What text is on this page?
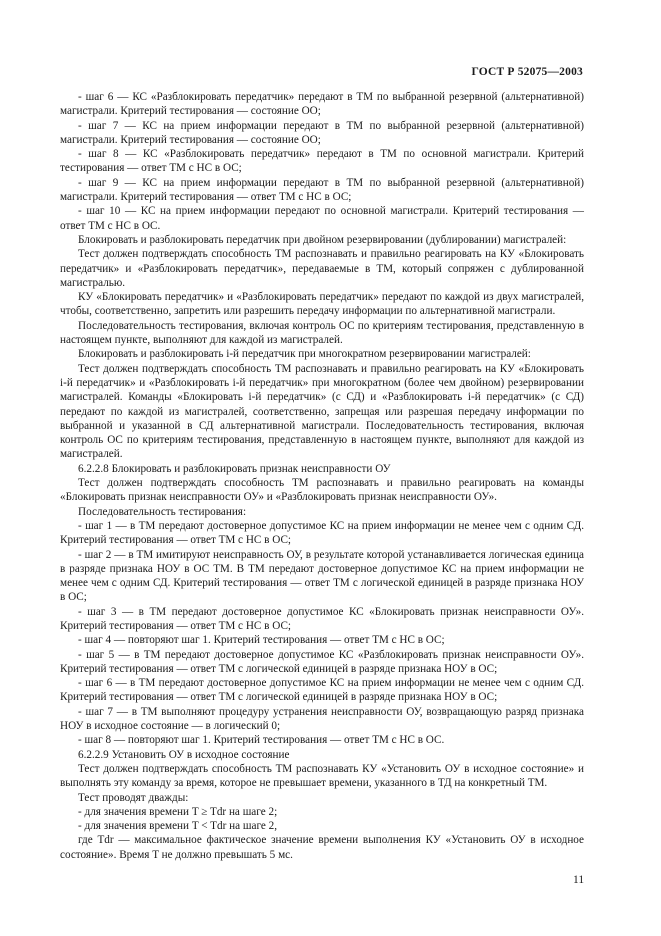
ГОСТ Р 52075—2003

- шаг 6 — КС «Разблокировать передатчик» передают в ТМ по выбранной резервной (альтернативной) магистрали. Критерий тестирования — состояние ОО;

- шаг 7 — КС на прием информации передают в ТМ по выбранной резервной (альтернативной) магистрали. Критерий тестирования — состояние ОО;

- шаг 8 — КС «Разблокировать передатчик» передают в ТМ по основной магистрали. Критерий тестирования — ответ ТМ с НС в ОС;

- шаг 9 — КС на прием информации передают в ТМ по выбранной резервной (альтернативной) магистрали. Критерий тестирования — ответ ТМ с НС в ОС;

- шаг 10 — КС на прием информации передают по основной магистрали. Критерий тестирования — ответ ТМ с НС в ОС.

Блокировать и разблокировать передатчик при двойном резервировании (дублировании) магистралей:

Тест должен подтверждать способность ТМ распознавать и правильно реагировать на КУ «Блокировать передатчик» и «Разблокировать передатчик», передаваемые в ТМ, который сопряжен с дублированной магистралью.

КУ «Блокировать передатчик» и «Разблокировать передатчик» передают по каждой из двух магистралей, чтобы, соответственно, запретить или разрешить передачу информации по альтернативной магистрали.

Последовательность тестирования, включая контроль ОС по критериям тестирования, представленную в настоящем пункте, выполняют для каждой из магистралей.

Блокировать и разблокировать i-й передатчик при многократном резервировании магистралей:

Тест должен подтверждать способность ТМ распознавать и правильно реагировать на КУ «Блокировать i-й передатчик» и «Разблокировать i-й передатчик» при многократном (более чем двойном) резервировании магистралей. Команды «Блокировать i-й передатчик» (с СД) и «Разблокировать i-й передатчик» (с СД) передают по каждой из магистралей, соответственно, запрещая или разрешая передачу информации по выбранной и указанной в СД альтернативной магистрали. Последовательность тестирования, включая контроль ОС по критериям тестирования, представленную в настоящем пункте, выполняют для каждой из магистралей.

6.2.2.8 Блокировать и разблокировать признак неисправности ОУ

Тест должен подтверждать способность ТМ распознавать и правильно реагировать на команды «Блокировать признак неисправности ОУ» и «Разблокировать признак неисправности ОУ».

Последовательность тестирования:

- шаг 1 — в ТМ передают достоверное допустимое КС на прием информации не менее чем с одним СД. Критерий тестирования — ответ ТМ с НС в ОС;

- шаг 2 — в ТМ имитируют неисправность ОУ, в результате которой устанавливается логическая единица в разряде признака НОУ в ОС ТМ. В ТМ передают достоверное допустимое КС на прием информации не менее чем с одним СД. Критерий тестирования — ответ ТМ с логической единицей в разряде признака НОУ в ОС;

- шаг 3 — в ТМ передают достоверное допустимое КС «Блокировать признак неисправности ОУ». Критерий тестирования — ответ ТМ с НС в ОС;

- шаг 4 — повторяют шаг 1. Критерий тестирования — ответ ТМ с НС в ОС;

- шаг 5 — в ТМ передают достоверное допустимое КС «Разблокировать признак неисправности ОУ». Критерий тестирования — ответ ТМ с логической единицей в разряде признака НОУ в ОС;

- шаг 6 — в ТМ передают достоверное допустимое КС на прием информации не менее чем с одним СД. Критерий тестирования — ответ ТМ с логической единицей в разряде признака НОУ в ОС;

- шаг 7 — в ТМ выполняют процедуру устранения неисправности ОУ, возвращающую разряд признака НОУ в исходное состояние — в логический 0;

- шаг 8 — повторяют шаг 1. Критерий тестирования — ответ ТМ с НС в ОС.

6.2.2.9 Установить ОУ в исходное состояние

Тест должен подтверждать способность ТМ распознавать КУ «Установить ОУ в исходное состояние» и выполнять эту команду за время, которое не превышает времени, указанного в ТД на конкретный ТМ.

Тест проводят дважды:

- для значения времени T ≥ Tdr на шаге 2;

- для значения времени T < Tdr на шаге 2,

где Tdr — максимальное фактическое значение времени выполнения КУ «Установить ОУ в исходное состояние». Время T не должно превышать 5 мс.

11
